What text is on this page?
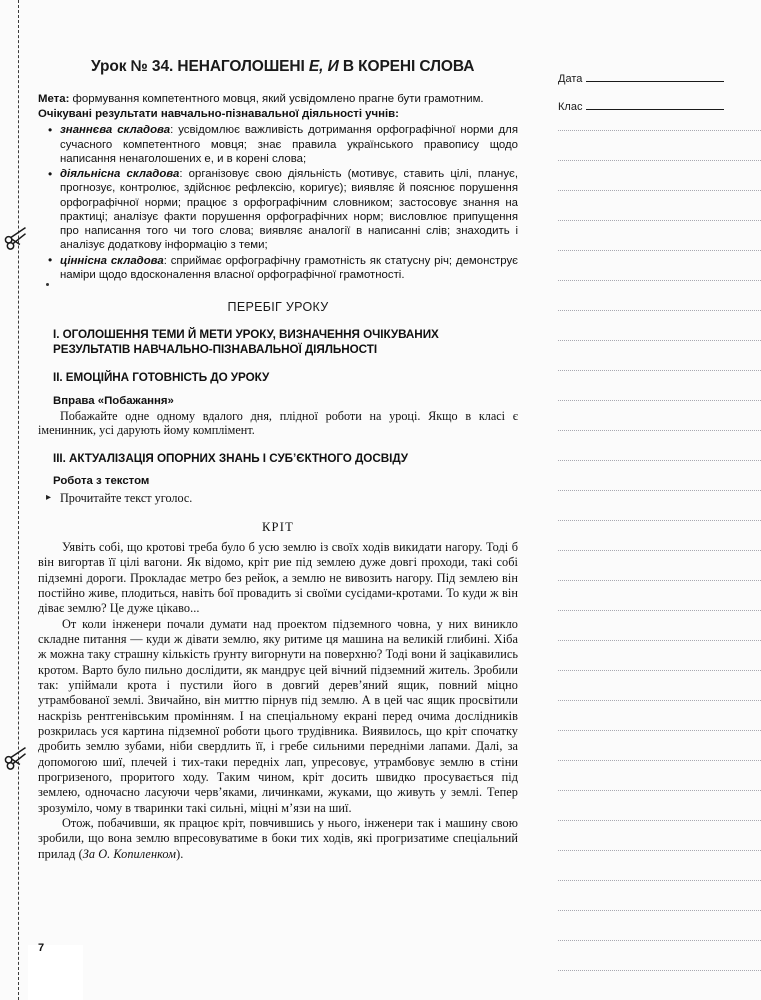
Урок № 34. НЕНАГОЛОШЕНІ Е, И В КОРЕНІ СЛОВА

Мета: формування компетентного мовця, який усвідомлено прагне бути грамотним.

Очікувані результати навчально-пізнавальної діяльності учнів:

• знаннєва складова: усвідомлює важливість дотримання орфографічної норми для сучасного компетентного мовця; знає правила українського правопису щодо написання ненаголошених е, и в корені слова;
• діяльнісна складова: організовує свою діяльність (мотивує, ставить цілі, планує, прогнозує, контролює, здійснює рефлексію, коригує); виявляє й пояснює порушення орфографічної норми; працює з орфографічним словником; застосовує знання на практиці; аналізує факти порушення орфографічних норм; висловлює припущення про написання того чи того слова; виявляє аналогії в написанні слів; знаходить і аналізує додаткову інформацію з теми;
• ціннісна складова: сприймає орфографічну грамотність як статусну річ; демонструє наміри щодо вдосконалення власної орфографічної грамотності.
ПЕРЕБІГ УРОКУ
I. ОГОЛОШЕННЯ ТЕМИ Й МЕТИ УРОКУ, ВИЗНАЧЕННЯ ОЧІКУВАНИХ РЕЗУЛЬТАТІВ НАВЧАЛЬНО-ПІЗНАВАЛЬНОЇ ДІЯЛЬНОСТІ
II. ЕМОЦІЙНА ГОТОВНІСТЬ ДО УРОКУ
Вправа «Побажання»

Побажайте одне одному вдалого дня, плідної роботи на уроці. Якщо в класі є іменинник, усі дарують йому комплімент.

III. АКТУАЛІЗАЦІЯ ОПОРНИХ ЗНАНЬ І СУБ’ЄКТНОГО ДОСВІДУ
Робота з текстом
▸ Прочитайте текст уголос.
КРІТ

Уявіть собі, що кротові треба було б усю землю із своїх ходів викидати нагору. Тоді б він вигортав її цілі вагони. Як відомо, кріт рие під землею дуже довгі проходи, такі собі підземні дороги. Прокладає метро без рейок, а землю не вивозить нагору. Під землею він постійно живе, плодиться, навіть бої провадить зі своїми сусідами-кротами. То куди ж він діває землю? Це дуже цікаво...

От коли інженери почали думати над проектом підземного човна, у них виникло складне питання — куди ж дівати землю, яку ритиме ця машина на великій глибині. Хіба ж можна таку страшну кількість ґрунту вигорнути на поверхню? Тоді вони й зацікавились кротом. Варто було пильно дослідити, як мандрує цей вічний підземний житель. Зробили так: упіймали крота і пустили його в довгий дерев’яний ящик, повний міцно утрамбованої землі. Звичайно, він миттю пірнув під землю. А в цей час ящик просвітили наскрізь рентгенівським промінням. І на спеціальному екрані перед очима дослідників розкрилась уся картина підземної роботи цього трудівника. Виявилось, що кріт спочатку дробить землю зубами, ніби свердлить її, і гребе сильними передніми лапами. Далі, за допомогою шиї, плечей і тих-таки передніх лап, упресовує, утрамбовує землю в стіни прогризеного, проритого ходу. Таким чином, кріт досить швидко просувається під землею, одночасно ласуючи черв’яками, личинками, жуками, що живуть у землі. Тепер зрозуміло, чому в тваринки такі сильні, міцні м’язи на шиї.

Отож, побачивши, як працює кріт, повчившись у нього, інженери так і машину свою зробили, що вона землю впресовуватиме в боки тих ходів, які прогризатиме спеціальний прилад (За О. Копиленком).

Дата
Клас
7
